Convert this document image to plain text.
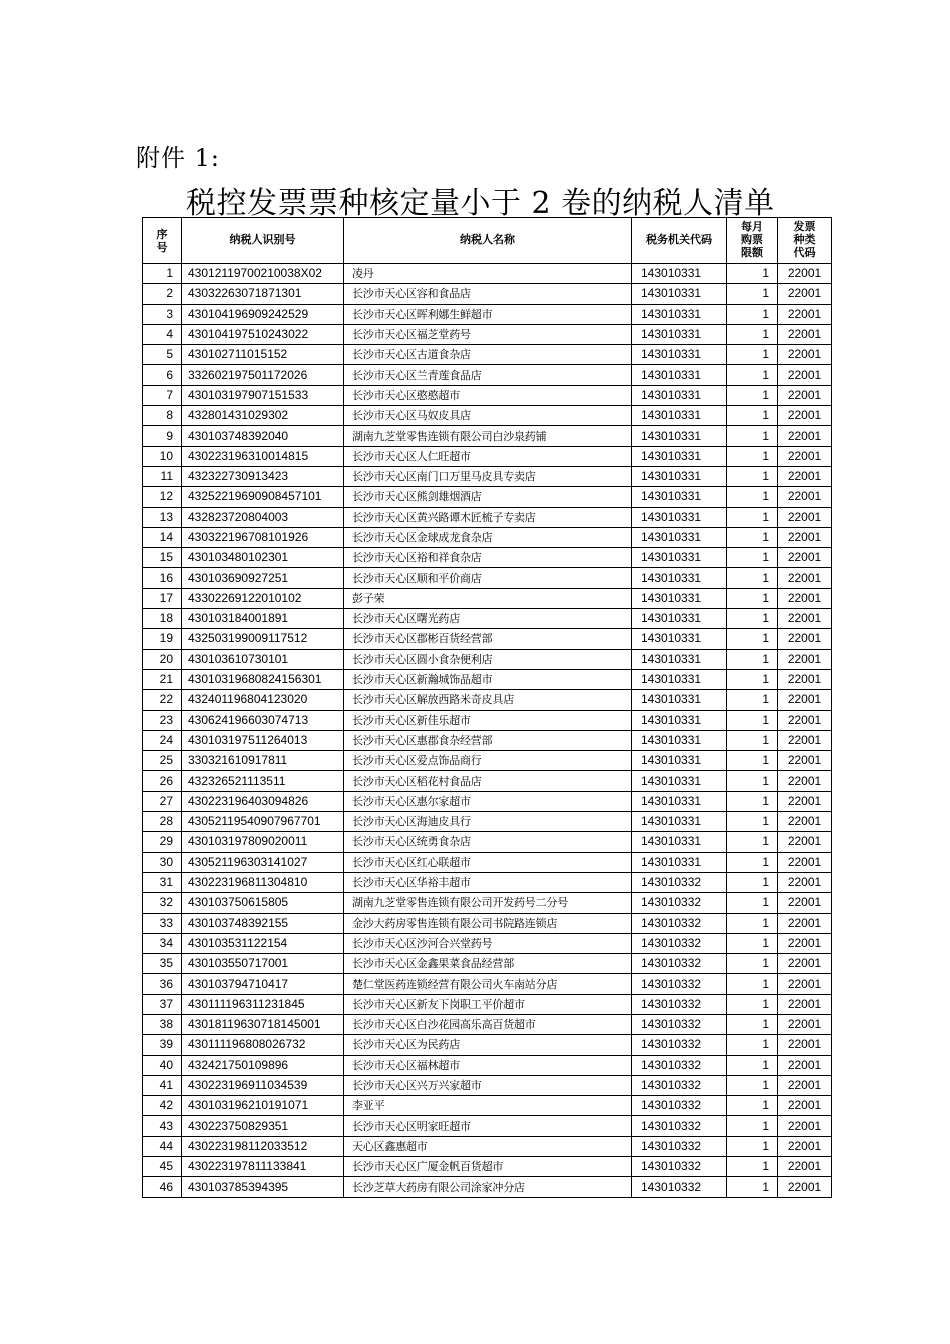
附件 1:
税控发票票种核定量小于 2 卷的纳税人清单
序
号	纳税人识别号	纳税人名称	税务机关代码	每月
购票
限额	发票
种类
代码
1	43012119700210038X02	凌丹	143010331	1	22001
2	43032263071871301	长沙市天心区容和食品店	143010331	1	22001
3	430104196909242529	长沙市天心区晖利娜生鲜超市	143010331	1	22001
4	430104197510243022	长沙市天心区福芝堂药号	143010331	1	22001
5	430102711015152	长沙市天心区古道食杂店	143010331	1	22001
6	332602197501172026	长沙市天心区兰青莲食品店	143010331	1	22001
7	430103197907151533	长沙市天心区憨憨超市	143010331	1	22001
8	432801431029302	长沙市天心区马奴皮具店	143010331	1	22001
9	430103748392040	湖南九芝堂零售连锁有限公司白沙泉药铺	143010331	1	22001
10	430223196310014815	长沙市天心区人仁旺超市	143010331	1	22001
11	432322730913423	长沙市天心区南门口万里马皮具专卖店	143010331	1	22001
12	43252219690908457101	长沙市天心区熊剑雄烟酒店	143010331	1	22001
13	432823720804003	长沙市天心区黄兴路谭木匠梳子专卖店	143010331	1	22001
14	430322196708101926	长沙市天心区金球成龙食杂店	143010331	1	22001
15	430103480102301	长沙市天心区裕和祥食杂店	143010331	1	22001
16	430103690927251	长沙市天心区顺和平价商店	143010331	1	22001
17	43302269122010102	彭子荣	143010331	1	22001
18	430103184001891	长沙市天心区曙光药店	143010331	1	22001
19	432503199009117512	长沙市天心区郡彬百货经营部	143010331	1	22001
20	430103610730101	长沙市天心区圆小食杂便利店	143010331	1	22001
21	43010319680824156301	长沙市天心区新瀚城饰品超市	143010331	1	22001
22	432401196804123020	长沙市天心区解放西路米奇皮具店	143010331	1	22001
23	430624196603074713	长沙市天心区新佳乐超市	143010331	1	22001
24	430103197511264013	长沙市天心区惠郡食杂经营部	143010331	1	22001
25	330321610917811	长沙市天心区爱点饰品商行	143010331	1	22001
26	432326521113511	长沙市天心区稻花村食品店	143010331	1	22001
27	430223196403094826	长沙市天心区惠尔家超市	143010331	1	22001
28	43052119540907967701	长沙市天心区海迪皮具行	143010331	1	22001
29	430103197809020011	长沙市天心区统勇食杂店	143010331	1	22001
30	430521196303141027	长沙市天心区红心联超市	143010331	1	22001
31	430223196811304810	长沙市天心区华裕丰超市	143010332	1	22001
32	430103750615805	湖南九芝堂零售连锁有限公司开发药号二分号	143010332	1	22001
33	430103748392155	金沙大药房零售连锁有限公司书院路连锁店	143010332	1	22001
34	430103531122154	长沙市天心区沙河合兴堂药号	143010332	1	22001
35	430103550717001	长沙市天心区金鑫果菜食品经营部	143010332	1	22001
36	430103794710417	楚仁堂医药连锁经营有限公司火车南站分店	143010332	1	22001
37	430111196311231845	长沙市天心区新友下岗职工平价超市	143010332	1	22001
38	43018119630718145001	长沙市天心区白沙花园高乐高百货超市	143010332	1	22001
39	430111196808026732	长沙市天心区为民药店	143010332	1	22001
40	432421750109896	长沙市天心区福林超市	143010332	1	22001
41	430223196911034539	长沙市天心区兴万兴家超市	143010332	1	22001
42	430103196210191071	李亚平	143010332	1	22001
43	430223750829351	长沙市天心区明家旺超市	143010332	1	22001
44	430223198112033512	天心区鑫惠超市	143010332	1	22001
45	430223197811133841	长沙市天心区广厦金帆百货超市	143010332	1	22001
46	430103785394395	长沙芝草大药房有限公司涂家冲分店	143010332	1	22001
